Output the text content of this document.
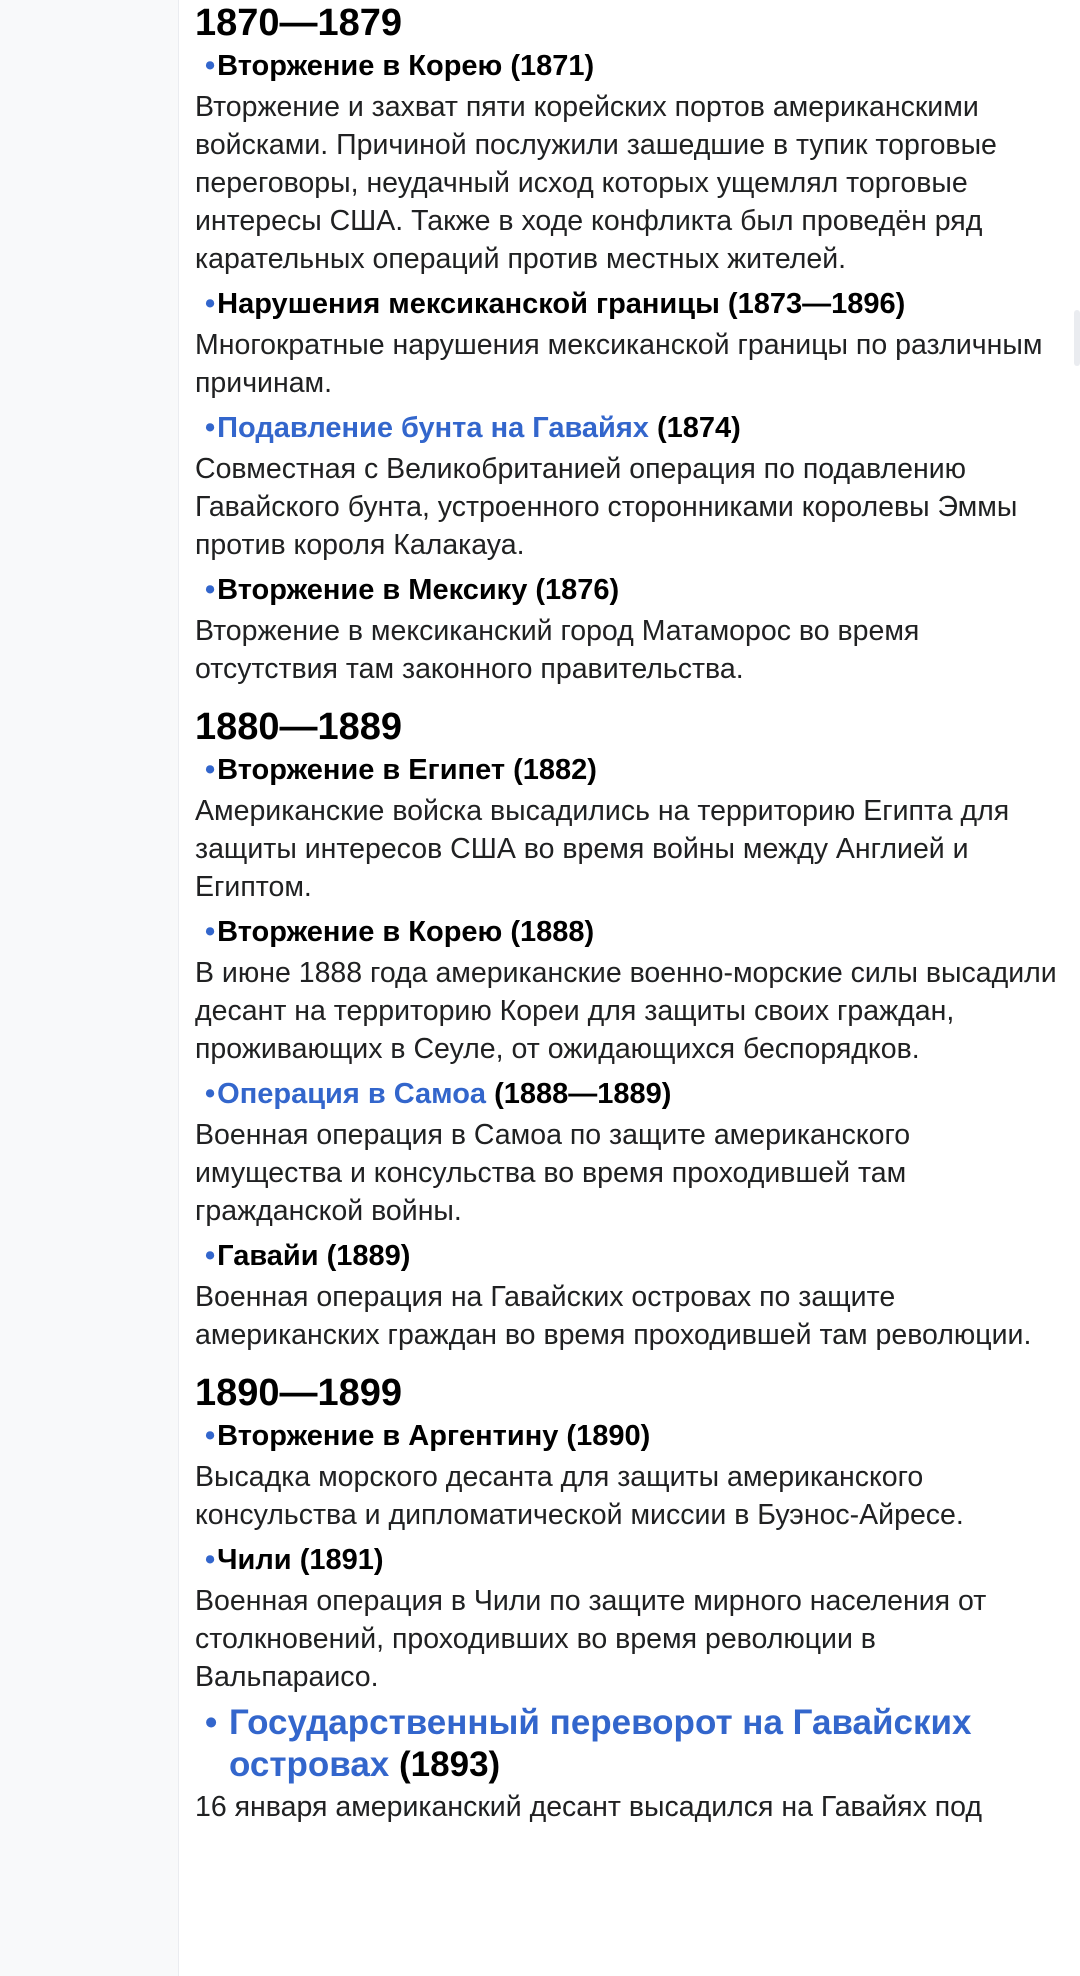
1870—1879
• Вторжение в Корею
(1871)

Вторжение и захват пяти корейских портов американскими войсками. Причиной послужили зашедшие в тупик торговые переговоры, неудачный исход которых ущемлял торговые интересы США. Также в ходе конфликта был проведён ряд карательных операций против местных жителей.

• Нарушения мексиканской границы
(1873—1896)

Многократные нарушения мексиканской границы по различным причинам.

• Подавление бунта на Гавайях
(1874)

Совместная с Великобританией операция по подавлению Гавайского бунта, устроенного сторонниками королевы Эммы против короля Калакауа.

• Вторжение в Мексику
(1876)

Вторжение в мексиканский город Матаморос во время отсутствия там законного правительства.

1880—1889
• Вторжение в Египет
(1882)

Американские войска высадились на территорию Египта для защиты интересов США во время войны между Англией и Египтом.

• Вторжение в Корею
(1888)

В июне 1888 года американские военно-морские силы высадили десант на территорию Кореи для защиты своих граждан, проживающих в Сеуле, от ожидающихся беспорядков.

• Операция в Самоа
(1888—1889)

Военная операция в Самоа по защите американского имущества и консульства во время проходившей там гражданской войны.

• Гавайи
(1889)

Военная операция на Гавайских островах по защите американских граждан во время проходившей там революции.

1890—1899
• Вторжение в Аргентину
(1890)

Высадка морского десанта для защиты американского консульства и дипломатической миссии в Буэнос-Айресе.

• Чили
(1891)

Военная операция в Чили по защите мирного населения от столкновений, проходивших во время революции в Вальпараисо.

• Государственный переворот на Гавайских островах (1893)

16 января американский десант высадился на Гавайях под
